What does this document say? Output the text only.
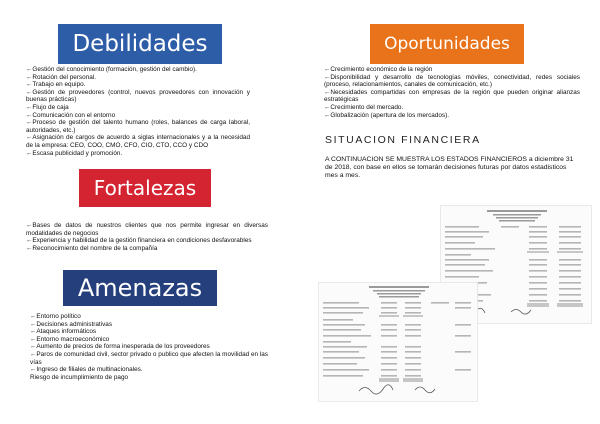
Debilidades
←Gestión del conocimiento (formación, gestión del cambio).
←Rotación del personal.
←Trabajo en equipo.
←Gestión de proveedores (control, nuevos proveedores con innovación y buenas prácticas)
←Flujo de caja
←Comunicación con el entorno
←Proceso de gestión del talento humano (roles, balances de carga laboral, autoridades, etc.)
←Asignación de cargos de acuerdo a siglas internacionales y a la necesidad de la empresa: CEO, COO, CMO, CFO, CIO, CTO, CCO y CDO
←Escasa publicidad y promoción.
Oportunidades
←Crecimiento económico de la región
←Disponibilidad y desarrollo de tecnologías móviles, conectividad, redes sociales (proceso, relacionamientos, canales de comunicación, etc.)
←Necesidades compartidas con empresas de la región que pueden originar alianzas estratégicas
←Crecimiento del mercado.
←Globalización (apertura de los mercados).
SITUACION FINANCIERA
A CONTINUACION SE MUESTRA LOS ESTADOS FINANCIEROS a diciembre 31 de 2018, con base en ellos se tomarán decisiones futuras por datos estadisticos mes a mes.
Fortalezas
←Bases de datos de nuestros clientes que nos permite ingresar en diversas modalidades de negocios
←Experiencia y habilidad de la gestión financiera en condiciones desfavorables
←Reconocimiento del nombre de la compañía
Amenazas
←Entorno político
←Decisiones administrativas
←Ataques informáticos
←Entorno macroeconómico
←Aumento de precios de forma inesperada de los proveedores
←Paros de comunidad civil, sector privado o publico que afecten la movilidad en las vías
←Ingreso de filiales de multinacionales.
Riesgo de incumplimiento de pago
